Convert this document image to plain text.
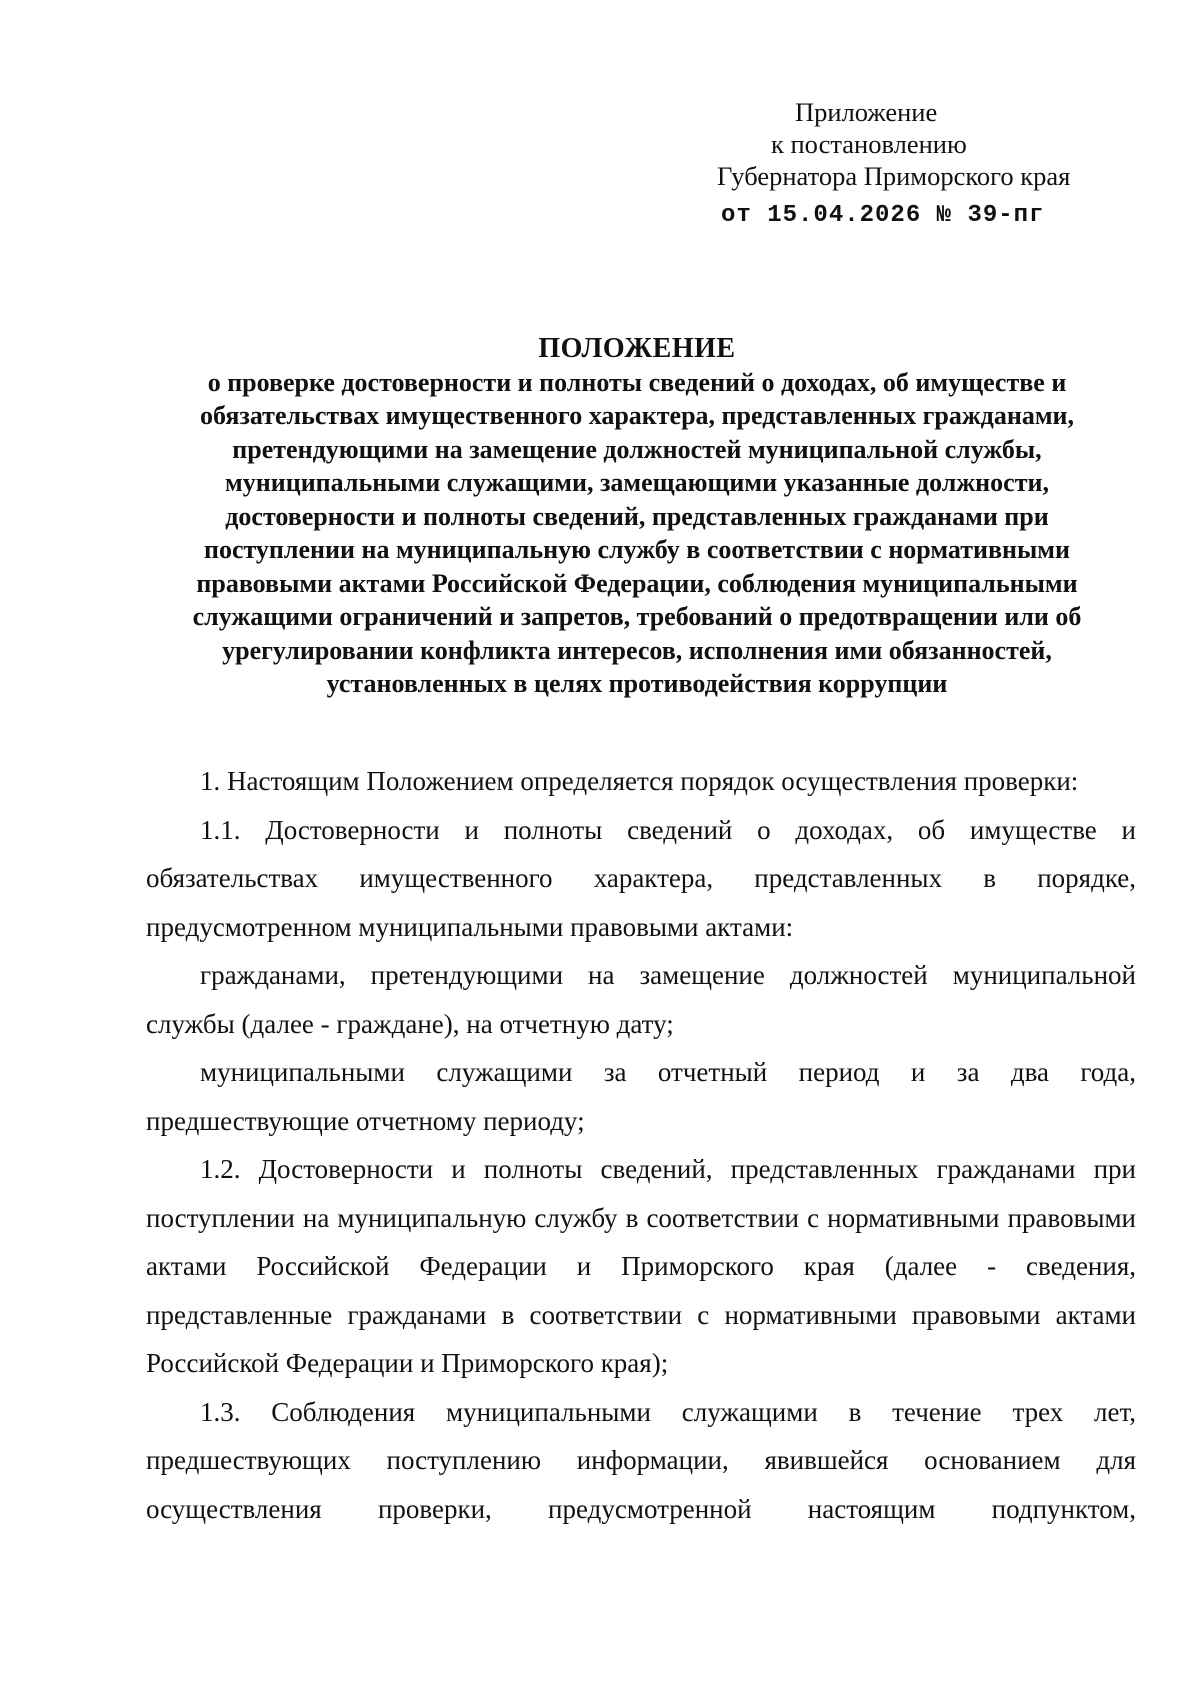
Приложение
к постановлению
Губернатора Приморского края
от 15.04.2026 № 39-пг
ПОЛОЖЕНИЕ
о проверке достоверности и полноты сведений о доходах, об имуществе и
обязательствах имущественного характера, представленных гражданами,
претендующими на замещение должностей муниципальной службы,
муниципальными служащими, замещающими указанные должности,
достоверности и полноты сведений, представленных гражданами при
поступлении на муниципальную службу в соответствии с нормативными
правовыми актами Российской Федерации, соблюдения муниципальными
служащими ограничений и запретов, требований о предотвращении или об
урегулировании конфликта интересов, исполнения ими обязанностей,
установленных в целях противодействия коррупции

1. Настоящим Положением определяется порядок осуществления проверки:

1.1. Достоверности и полноты сведений о доходах, об имуществе и обязательствах имущественного характера, представленных в порядке, предусмотренном муниципальными правовыми актами:

гражданами, претендующими на замещение должностей муниципальной службы (далее - граждане), на отчетную дату;

муниципальными служащими за отчетный период и за два года, предшествующие отчетному периоду;

1.2. Достоверности и полноты сведений, представленных гражданами при поступлении на муниципальную службу в соответствии с нормативными правовыми актами Российской Федерации и Приморского края (далее - сведения, представленные гражданами в соответствии с нормативными правовыми актами Российской Федерации и Приморского края);

1.3. Соблюдения муниципальными служащими в течение трех лет, предшествующих поступлению информации, явившейся основанием для осуществления проверки, предусмотренной настоящим подпунктом,
